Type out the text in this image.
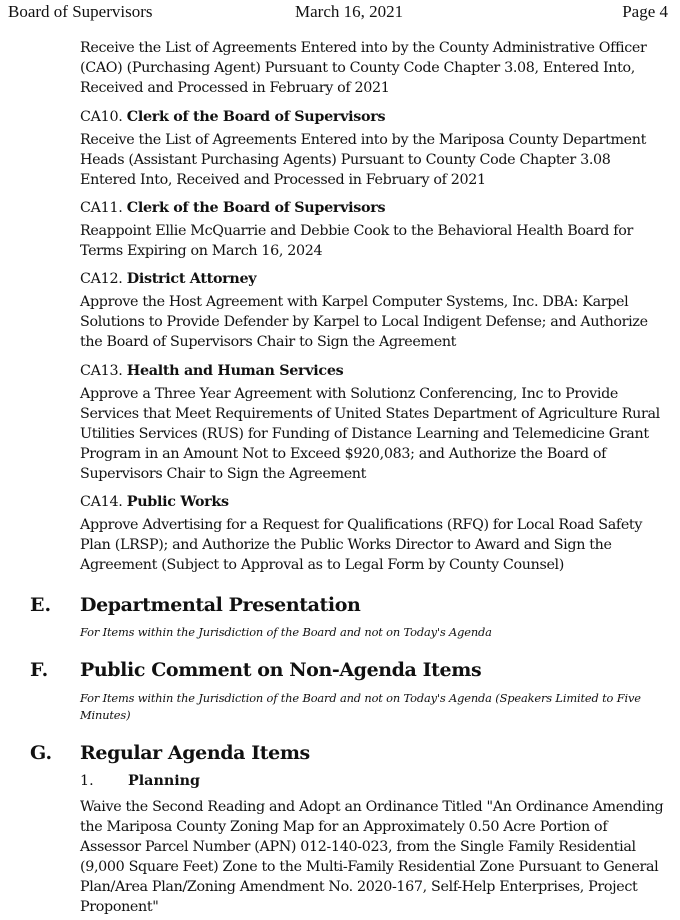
Board of Supervisors	March 16, 2021	Page 4
Receive the List of Agreements Entered into by the County Administrative Officer (CAO) (Purchasing Agent) Pursuant to County Code Chapter 3.08, Entered Into, Received and Processed in February of 2021
CA10. Clerk of the Board of Supervisors
Receive the List of Agreements Entered into by the Mariposa County Department Heads (Assistant Purchasing Agents) Pursuant to County Code Chapter 3.08 Entered Into, Received and Processed in February of 2021
CA11. Clerk of the Board of Supervisors
Reappoint Ellie McQuarrie and Debbie Cook to the Behavioral Health Board for Terms Expiring on March 16, 2024
CA12. District Attorney
Approve the Host Agreement with Karpel Computer Systems, Inc. DBA: Karpel Solutions to Provide Defender by Karpel to Local Indigent Defense; and Authorize the Board of Supervisors Chair to Sign the Agreement
CA13. Health and Human Services
Approve a Three Year Agreement with Solutionz Conferencing, Inc to Provide Services that Meet Requirements of United States Department of Agriculture Rural Utilities Services (RUS) for Funding of Distance Learning and Telemedicine Grant Program in an Amount Not to Exceed $920,083; and Authorize the Board of Supervisors Chair to Sign the Agreement
CA14. Public Works
Approve Advertising for a Request for Qualifications (RFQ) for Local Road Safety Plan (LRSP); and Authorize the Public Works Director to Award and Sign the Agreement (Subject to Approval as to Legal Form by County Counsel)
E. Departmental Presentation
For Items within the Jurisdiction of the Board and not on Today's Agenda
F. Public Comment on Non-Agenda Items
For Items within the Jurisdiction of the Board and not on Today's Agenda (Speakers Limited to Five Minutes)
G. Regular Agenda Items
1. Planning
Waive the Second Reading and Adopt an Ordinance Titled "An Ordinance Amending the Mariposa County Zoning Map for an Approximately 0.50 Acre Portion of Assessor Parcel Number (APN) 012-140-023, from the Single Family Residential (9,000 Square Feet) Zone to the Multi-Family Residential Zone Pursuant to General Plan/Area Plan/Zoning Amendment No. 2020-167, Self-Help Enterprises, Project Proponent"
